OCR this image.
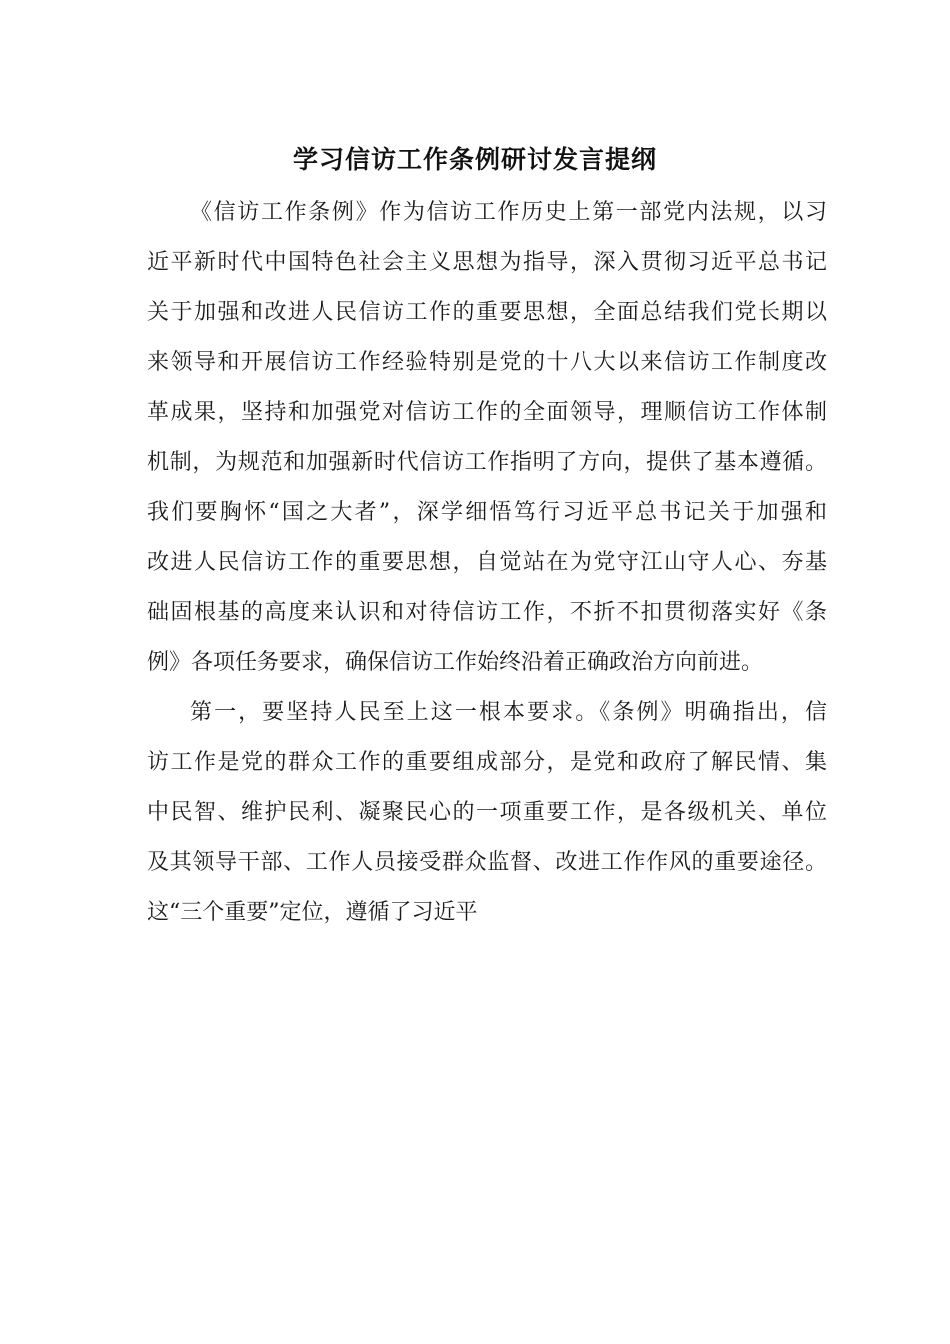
学习信访工作条例研讨发言提纲
《信访工作条例》作为信访工作历史上第一部党内法规，以习
近平新时代中国特色社会主义思想为指导，深入贯彻习近平总书记
关于加强和改进人民信访工作的重要思想，全面总结我们党长期以
来领导和开展信访工作经验特别是党的十八大以来信访工作制度改
革成果，坚持和加强党对信访工作的全面领导，理顺信访工作体制
机制，为规范和加强新时代信访工作指明了方向，提供了基本遵循。
我们要胸怀“国之大者”，深学细悟笃行习近平总书记关于加强和
改进人民信访工作的重要思想，自觉站在为党守江山守人心、夯基
础固根基的高度来认识和对待信访工作，不折不扣贯彻落实好《条
例》各项任务要求，确保信访工作始终沿着正确政治方向前进。
第一，要坚持人民至上这一根本要求。《条例》明确指出，信
访工作是党的群众工作的重要组成部分，是党和政府了解民情、集
中民智、维护民利、凝聚民心的一项重要工作，是各级机关、单位
及其领导干部、工作人员接受群众监督、改进工作作风的重要途径。
这“三个重要”定位，遵循了习近平
